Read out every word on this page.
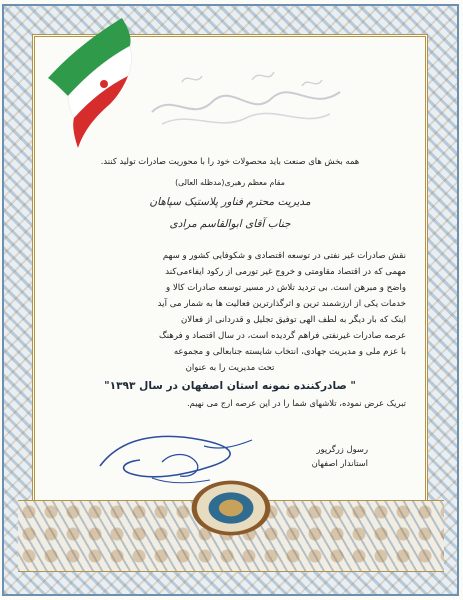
همه بخش های صنعت باید محصولات خود را با محوریت صادرات تولید کنند.

مقام معظم رهبری(مدظله العالی)

مدیریت محترم فناور پلاستیک سپاهان

جناب آقای ابوالقاسم مرادی

نقش صادرات غیر نفتی در توسعه اقتصادی و شکوفایی کشور و سهم

مهمی که در اقتصاد مقاومتی و خروج غیر تورمی از رکود ایفاءمی‌کند

واضح و مبرهن است. بی تردید تلاش در مسیر توسعه صادرات کالا و

خدمات یکی از ارزشمند ترین و اثرگذارترین فعالیت ها به شمار می آید

اینک که بار دیگر به لطف الهی توفیق تجلیل و قدردانی از فعالان

عرصه صادرات غیرنفتی فراهم گردیده است، در سال اقتصاد و فرهنگ

با عزم ملی و مدیریت جهادی، انتخاب شایسته جنابعالی و مجموعه

تحت مدیریت را به عنوان

" صادرکننده نمونه استان اصفهان در سال ۱۳۹۳"

تبریک عرض نموده، تلاشهای شما را در این عرصه ارج می نهیم.

رسول زرگرپور

استاندار اصفهان
